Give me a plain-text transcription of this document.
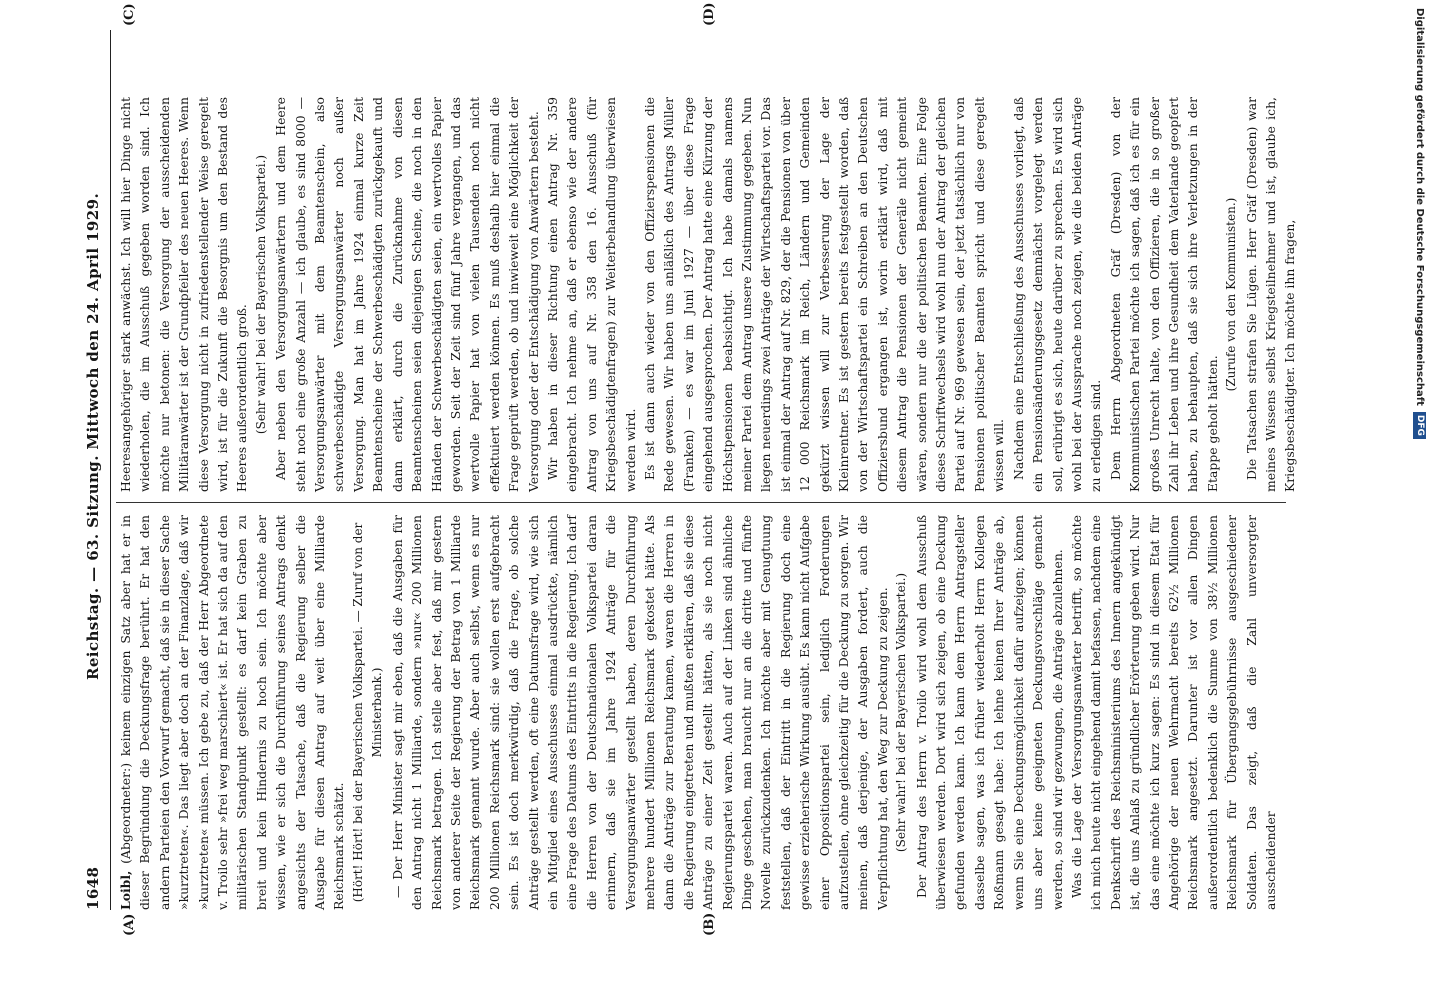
1648
Reichstag. — 63. Sitzung. Mittwoch den 24. April 1929.
(A)	(B)
(C)	(D)

Loibl, (Abgeordneter:) keinem einzigen Satz aber hat er in dieser Begründung die Deckungsfrage berührt. Er hat den andern Parteien den Vorwurf gemacht, daß sie in dieser Sache »kurztreten«. Das liegt aber doch an der Finanzlage, daß wir »kurztreten« müssen. Ich gebe zu, daß der Herr Abgeordnete v. Troilo sehr »frei weg marschiert« ist. Er hat sich da auf den militärischen Standpunkt gestellt: es darf kein Graben zu breit und kein Hindernis zu hoch sein. Ich möchte aber wissen, wie er sich die Durchführung seines Antrags denkt angesichts der Tatsache, daß die Regierung selber die Ausgabe für diesen Antrag auf weit über eine Milliarde Reichsmark schätzt. (Hört! Hört! bei der Bayerischen Volkspartei. — Zuruf von der Ministerbank.) — Der Herr Minister sagt mir eben, daß die Ausgaben für den Antrag nicht 1 Milliarde, sondern »nur« 200 Millionen Reichsmark betragen. Ich stelle aber fest, daß mir gestern von anderer Seite der Regierung der Betrag von 1 Milliarde Reichsmark genannt wurde. Aber auch selbst, wenn es nur 200 Millionen Reichsmark sind: sie wollen erst aufgebracht sein. Es ist doch merkwürdig, daß die Frage, ob solche Anträge gestellt werden, oft eine Datumsfrage wird, wie sich ein Mitglied eines Ausschusses einmal ausdrückte, nämlich eine Frage des Datums des Eintritts in die Regierung. Ich darf die Herren von der Deutschnationalen Volkspartei daran erinnern, daß sie im Jahre 1924 Anträge für die Versorgungsanwärter gestellt haben, deren Durchführung mehrere hundert Millionen Reichsmark gekostet hätte. Als dann die Anträge zur Beratung kamen, waren die Herren in die Regierung eingetreten und mußten erklären, daß sie diese Anträge zu einer Zeit gestellt hätten, als sie noch nicht Regierungspartei waren. Auch auf der Linken sind ähnliche Dinge geschehen, man braucht nur an die dritte und fünfte Novelle zurückzudenken. Ich möchte aber mit Genugtuung feststellen, daß der Eintritt in die Regierung doch eine gewisse erzieherische Wirkung ausübt. Es kann nicht Aufgabe einer Oppositionspartei sein, lediglich Forderungen aufzustellen, ohne gleichzeitig für die Deckung zu sorgen. Wir meinen, daß derjenige, der Ausgaben fordert, auch die Verpflichtung hat, den Weg zur Deckung zu zeigen. (Sehr wahr! bei der Bayerischen Volkspartei.) Der Antrag des Herrn v. Troilo wird wohl dem Ausschuß überwiesen werden. Dort wird sich zeigen, ob eine Deckung gefunden werden kann. Ich kann dem Herrn Antragsteller dasselbe sagen, was ich früher wiederholt Herrn Kollegen Roßmann gesagt habe: Ich lehne keinen Ihrer Anträge ab, wenn Sie eine Deckungsmöglichkeit dafür aufzeigen; können uns aber keine geeigneten Deckungsvorschläge gemacht werden, so sind wir gezwungen, die Anträge abzulehnen. Was die Lage der Versorgungsanwärter betrifft, so möchte ich mich heute nicht eingehend damit befassen, nachdem eine Denkschrift des Reichsministeriums des Innern angekündigt ist, die uns Anlaß zu gründlicher Erörterung geben wird. Nur das eine möchte ich kurz sagen: Es sind in diesem Etat für Angehörige der neuen Wehrmacht bereits 62½ Millionen Reichsmark angesetzt. Darunter ist vor allen Dingen außerordentlich bedenklich die Summe von 38½ Millionen Reichsmark für Übergangsgebührnisse ausgeschiedener Soldaten. Das zeigt, daß die Zahl unversorgter ausscheidender

Heeresangehöriger stark anwächst. Ich will hier Dinge nicht wiederholen, die im Ausschuß gegeben worden sind. Ich möchte nur betonen: die Versorgung der ausscheidenden Militäranwärter ist der Grundpfeiler des neuen Heeres. Wenn diese Versorgung nicht in zufriedenstellender Weise geregelt wird, ist für die Zukunft die Besorgnis um den Bestand des Heeres außerordentlich groß. (Sehr wahr! bei der Bayerischen Volkspartei.) Aber neben den Versorgungsanwärtern und dem Heere steht noch eine große Anzahl — ich glaube, es sind 8000 — Versorgungsanwärter mit dem Beamtenschein, also schwerbeschädigte Versorgungsanwärter noch außer Versorgung. Man hat im Jahre 1924 einmal kurze Zeit Beamtenscheine der Schwerbeschädigten zurückgekauft und dann erklärt, durch die Zurücknahme von diesen Beamtenscheinen seien diejenigen Scheine, die noch in den Händen der Schwerbeschädigten seien, ein wertvolles Papier geworden. Seit der Zeit sind fünf Jahre vergangen, und das wertvolle Papier hat von vielen Tausenden noch nicht effektuiert werden können. Es muß deshalb hier einmal die Frage geprüft werden, ob und inwieweit eine Möglichkeit der Versorgung oder der Entschädigung von Anwärtern besteht. Wir haben in dieser Richtung einen Antrag Nr. 359 eingebracht. Ich nehme an, daß er ebenso wie der andere Antrag von uns auf Nr. 358 den 16. Ausschuß (für Kriegsbeschädigtenfragen) zur Weiterbehandlung überwiesen werden wird. Es ist dann auch wieder von den Offizierspensionen die Rede gewesen. Wir haben uns anläßlich des Antrags Müller (Franken) — es war im Juni 1927 — über diese Frage eingehend ausgesprochen. Der Antrag hatte eine Kürzung der Höchstpensionen beabsichtigt. Ich habe damals namens meiner Partei dem Antrag unsere Zustimmung gegeben. Nun liegen neuerdings zwei Anträge der Wirtschaftspartei vor. Das ist einmal der Antrag auf Nr. 829, der die Pensionen von über 12 000 Reichsmark im Reich, Ländern und Gemeinden gekürzt wissen will zur Verbesserung der Lage der Kleinrentner. Es ist gestern bereits festgestellt worden, daß von der Wirtschaftspartei ein Schreiben an den Deutschen Offiziersbund ergangen ist, worin erklärt wird, daß mit diesem Antrag die Pensionen der Generäle nicht gemeint wären, sondern nur die der politischen Beamten. Eine Folge dieses Schriftwechsels wird wohl nun der Antrag der gleichen Partei auf Nr. 969 gewesen sein, der jetzt tatsächlich nur von Pensionen politischer Beamten spricht und diese geregelt wissen will. Nachdem eine Entschließung des Ausschusses vorliegt, daß ein Pensionsänderungsgesetz demnächst vorgelegt werden soll, erübrigt es sich, heute darüber zu sprechen. Es wird sich wohl bei der Aussprache noch zeigen, wie die beiden Anträge zu erledigen sind. Dem Herrn Abgeordneten Gräf (Dresden) von der Kommunistischen Partei möchte ich sagen, daß ich es für ein großes Unrecht halte, von den Offizieren, die in so großer Zahl ihr Leben und ihre Gesundheit dem Vaterlande geopfert haben, zu behaupten, daß sie sich ihre Verletzungen in der Etappe geholt hätten.

(Zurufe von den Kommunisten.) Die Tatsachen strafen Sie Lügen. Herr Gräf (Dresden) war meines Wissens selbst Kriegsteilnehmer und ist, glaube ich, Kriegsbeschädigter. Ich möchte ihn fragen,	Digitalisierung gefördert durch die Deutsche Forschungsgemeinschaft
DFG
